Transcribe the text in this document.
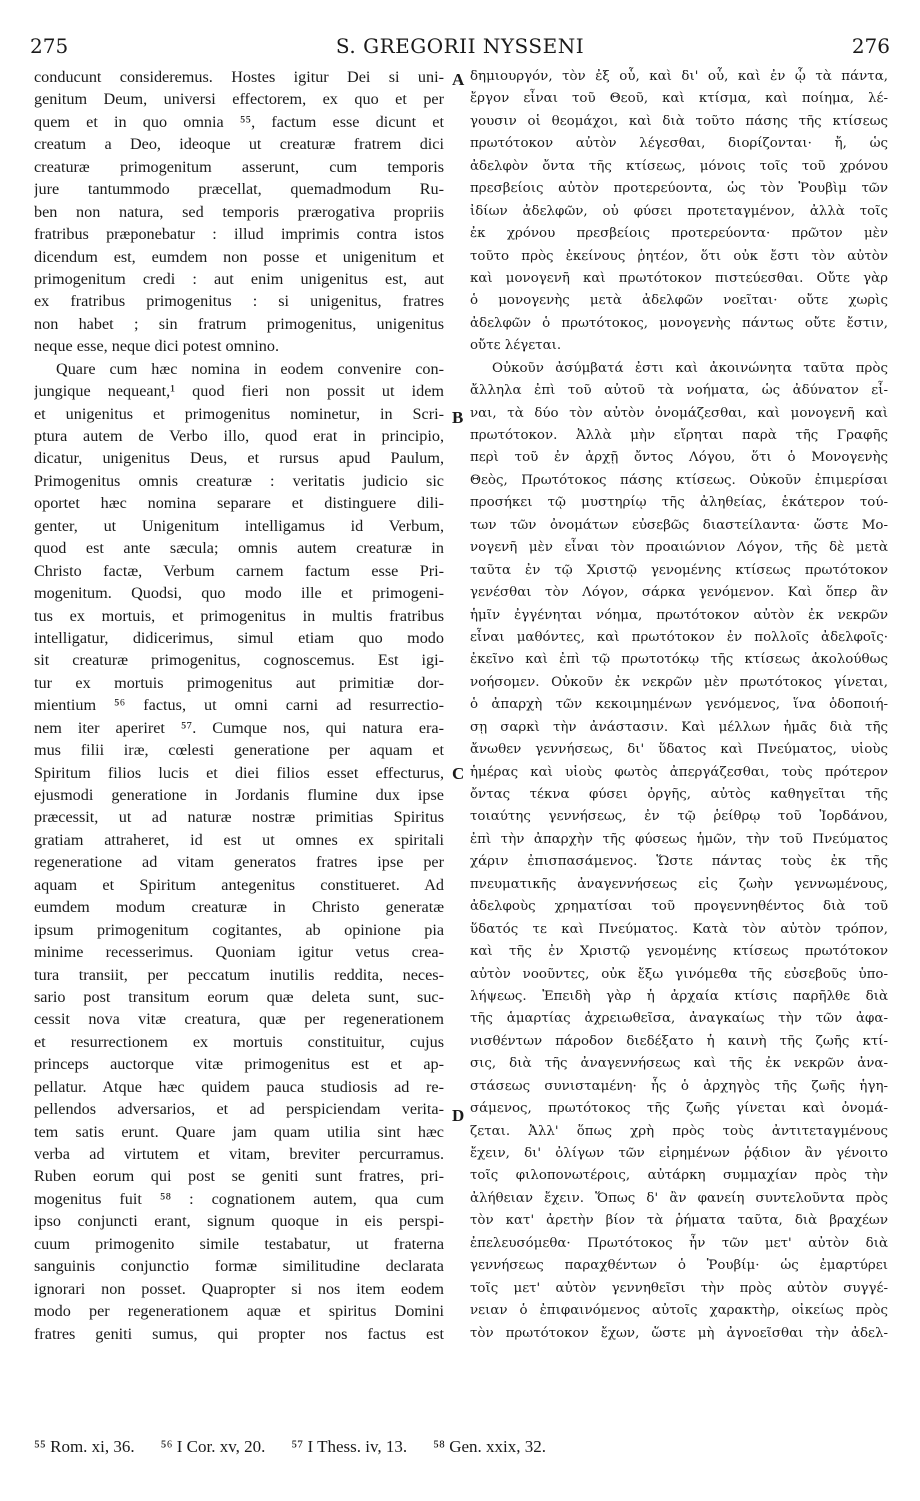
275	S. GREGORII NYSSENI	276
conducunt consideremus. Hostes igitur Dei si uni-
genitum Deum, universi effectorem, ex quo et per
quem et in quo omnia ⁵⁵, factum esse dicunt et
creatum a Deo, ideoque ut creaturæ fratrem dici
creaturæ primogenitum asserunt, cum temporis
jure tantummodo præcellat, quemadmodum Ru-
ben non natura, sed temporis prærogativa propriis
fratribus præponebatur : illud imprimis contra istos
dicendum est, eumdem non posse et unigenitum et
primogenitum credi : aut enim unigenitus est, aut
ex fratribus primogenitus : si unigenitus, fratres
non habet ; sin fratrum primogenitus, unigenitus
neque esse, neque dici potest omnino.
Quare cum hæc nomina in eodem convenire con-
jungique nequeant,¹ quod fieri non possit ut idem
et unigenitus et primogenitus nominetur, in Scri-
ptura autem de Verbo illo, quod erat in principio,
dicatur, unigenitus Deus, et rursus apud Paulum,
Primogenitus omnis creaturæ : veritatis judicio sic
oportet hæc nomina separare et distinguere dili-
genter, ut Unigenitum intelligamus id Verbum,
quod est ante sæcula; omnis autem creaturæ in
Christo factæ, Verbum carnem factum esse Pri-
mogenitum. Quodsi, quo modo ille et primogeni-
tus ex mortuis, et primogenitus in multis fratribus
intelligatur, didicerimus, simul etiam quo modo
sit creaturæ primogenitus, cognoscemus. Est igi-
tur ex mortuis primogenitus aut primitiæ dor-
mientium ⁵⁶ factus, ut omni carni ad resurrectio-
nem iter aperiret ⁵⁷. Cumque nos, qui natura era-
mus filii iræ, cœlesti generatione per aquam et
Spiritum filios lucis et diei filios esset effecturus,
ejusmodi generatione in Jordanis flumine dux ipse
præcessit, ut ad naturæ nostræ primitias Spiritus
gratiam attraheret, id est ut omnes ex spiritali
regeneratione ad vitam generatos fratres ipse per
aquam et Spiritum antegenitus constitueret. Ad
eumdem modum creaturæ in Christo generatæ
ipsum primogenitum cogitantes, ab opinione pia
minime recesserimus. Quoniam igitur vetus crea-
tura transiit, per peccatum inutilis reddita, neces-
sario post transitum eorum quæ deleta sunt, suc-
cessit nova vitæ creatura, quæ per regenerationem
et resurrectionem ex mortuis constituitur, cujus
princeps auctorque vitæ primogenitus est et ap-
pellatur. Atque hæc quidem pauca studiosis ad re-
pellendos adversarios, et ad perspiciendam verita-
tem satis erunt. Quare jam quam utilia sint hæc
verba ad virtutem et vitam, breviter percurramus.
Ruben eorum qui post se geniti sunt fratres, pri-
mogenitus fuit ⁵⁸ : cognationem autem, qua cum
ipso conjuncti erant, signum quoque in eis perspi-
cuum primogenito simile testabatur, ut fraterna
sanguinis conjunctio formæ similitudine declarata
ignorari non posset. Quapropter si nos item eodem
modo per regenerationem aquæ et spiritus Domini
fratres geniti sumus, qui propter nos factus est
δημιουργόν, τὸν ἐξ οὗ, καὶ δι' οὗ, καὶ ἐν ᾧ τὰ πάντα,
ἔργον εἶναι τοῦ Θεοῦ, καὶ κτίσμα, καὶ ποίημα, λέ-
γουσιν οἱ θεομάχοι, καὶ διὰ τοῦτο πάσης τῆς κτίσεως
πρωτότοκον αὐτὸν λέγεσθαι, διορίζονται· ἤ, ὡς
ἀδελφὸν ὄντα τῆς κτίσεως, μόνοις τοῖς τοῦ χρόνου
πρεσβείοις αὐτὸν προτερεύοντα, ὡς τὸν Ῥουβὶμ τῶν
ἰδίων ἀδελφῶν, οὐ φύσει προτεταγμένον, ἀλλὰ τοῖς
ἐκ χρόνου πρεσβείοις προτερεύοντα· πρῶτον μὲν
τοῦτο πρὸς ἐκείνους ῥητέον, ὅτι οὐκ ἔστι τὸν αὐτὸν
καὶ μονογενῆ καὶ πρωτότοκον πιστεύεσθαι. Οὔτε γὰρ
ὁ μονογενὴς μετὰ ἀδελφῶν νοεῖται· οὔτε χωρὶς
ἀδελφῶν ὁ πρωτότοκος, μονογενὴς πάντως οὔτε ἔστιν,
οὔτε λέγεται.
Οὐκοῦν ἀσύμβατά ἐστι καὶ ἀκοινώνητα ταῦτα πρὸς
ἄλληλα ἐπὶ τοῦ αὐτοῦ τὰ νοήματα, ὡς ἀδύνατον εἶ-
ναι, τὰ δύο τὸν αὐτὸν ὀνομάζεσθαι, καὶ μονογενῆ καὶ
πρωτότοκον. Ἀλλὰ μὴν εἴρηται παρὰ τῆς Γραφῆς
περὶ τοῦ ἐν ἀρχῇ ὄντος Λόγου, ὅτι ὁ Μονογενὴς
Θεὸς, Πρωτότοκος πάσης κτίσεως. Οὐκοῦν ἐπιμερίσαι
προσήκει τῷ μυστηρίῳ τῆς ἀληθείας, ἑκάτερον τού-
των τῶν ὀνομάτων εὐσεβῶς διαστείλαντα· ὥστε Μο-
νογενῆ μὲν εἶναι τὸν προαιώνιον Λόγον, τῆς δὲ μετὰ
ταῦτα ἐν τῷ Χριστῷ γενομένης κτίσεως πρωτότοκον
γενέσθαι τὸν Λόγον, σάρκα γενόμενον. Καὶ ὅπερ ἂν
ἡμῖν ἐγγένηται νόημα, πρωτότοκον αὐτὸν ἐκ νεκρῶν
εἶναι μαθόντες, καὶ πρωτότοκον ἐν πολλοῖς ἀδελφοῖς·
ἐκεῖνο καὶ ἐπὶ τῷ πρωτοτόκῳ τῆς κτίσεως ἀκολούθως
νοήσομεν. Οὐκοῦν ἐκ νεκρῶν μὲν πρωτότοκος γίνεται,
ὁ ἀπαρχὴ τῶν κεκοιμημένων γενόμενος, ἵνα ὁδοποιή-
σῃ σαρκὶ τὴν ἀνάστασιν. Καὶ μέλλων ἡμᾶς διὰ τῆς
ἄνωθεν γεννήσεως, δι' ὕδατος καὶ Πνεύματος, υἱοὺς
ἡμέρας καὶ υἱοὺς φωτὸς ἀπεργάζεσθαι, τοὺς πρότερον
ὄντας τέκνα φύσει ὀργῆς, αὐτὸς καθηγεῖται τῆς
τοιαύτης γεννήσεως, ἐν τῷ ῥείθρῳ τοῦ Ἰορδάνου,
ἐπὶ τὴν ἀπαρχὴν τῆς φύσεως ἡμῶν, τὴν τοῦ Πνεύματος
χάριν ἐπισπασάμενος. Ὥστε πάντας τοὺς ἐκ τῆς
πνευματικῆς ἀναγεννήσεως εἰς ζωὴν γεννωμένους,
ἀδελφοὺς χρηματίσαι τοῦ προγεννηθέντος διὰ τοῦ
ὕδατός τε καὶ Πνεύματος. Κατὰ τὸν αὐτὸν τρόπον,
καὶ τῆς ἐν Χριστῷ γενομένης κτίσεως πρωτότοκον
αὐτὸν νοοῦντες, οὐκ ἔξω γινόμεθα τῆς εὐσεβοῦς ὑπο-
λήψεως. Ἐπειδὴ γὰρ ἡ ἀρχαία κτίσις παρῆλθε διὰ
τῆς ἁμαρτίας ἀχρειωθεῖσα, ἀναγκαίως τὴν τῶν ἀφα-
νισθέντων πάροδον διεδέξατο ἡ καινὴ τῆς ζωῆς κτί-
σις, διὰ τῆς ἀναγεννήσεως καὶ τῆς ἐκ νεκρῶν ἀνα-
στάσεως συνισταμένη· ἧς ὁ ἀρχηγὸς τῆς ζωῆς ἡγη-
σάμενος, πρωτότοκος τῆς ζωῆς γίνεται καὶ ὀνομά-
ζεται. Ἀλλ' ὅπως χρὴ πρὸς τοὺς ἀντιτεταγμένους
ἔχειν, δι' ὀλίγων τῶν εἰρημένων ῥᾴδιον ἂν γένοιτο
τοῖς φιλοπονωτέροις, αὐτάρκη συμμαχίαν πρὸς τὴν
ἀλήθειαν ἔχειν. Ὅπως δ' ἂν φανείη συντελοῦντα πρὸς
τὸν κατ' ἀρετὴν βίον τὰ ῥήματα ταῦτα, διὰ βραχέων
ἐπελευσόμεθα· Πρωτότοκος ἦν τῶν μετ' αὐτὸν διὰ
γεννήσεως παραχθέντων ὁ Ῥουβίμ· ὡς ἐμαρτύρει
τοῖς μετ' αὐτὸν γεννηθεῖσι τὴν πρὸς αὐτὸν συγγέ-
νειαν ὁ ἐπιφαινόμενος αὐτοῖς χαρακτὴρ, οἰκείως πρὸς
τὸν πρωτότοκον ἔχων, ὥστε μὴ ἀγνοεῖσθαι τὴν ἀδελ-
A
B
C
D
⁵⁵ Rom. xi, 36. ⁵⁶ I Cor. xv, 20. ⁵⁷ I Thess. iv, 13. ⁵⁸ Gen. xxix, 32.
